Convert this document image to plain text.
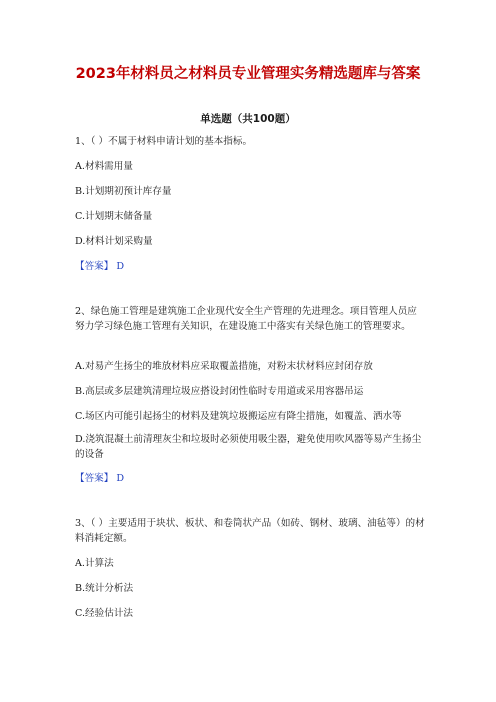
2023年材料员之材料员专业管理实务精选题库与答案
单选题（共100题）
1、（ ）不属于材料申请计划的基本指标。
A.材料需用量
B.计划期初预计库存量
C.计划期末储备量
D.材料计划采购量
【答案】 D
2、绿色施工管理是建筑施工企业现代安全生产管理的先进理念。项目管理人员应努力学习绿色施工管理有关知识，在建设施工中落实有关绿色施工的管理要求。
A.对易产生扬尘的堆放材料应采取覆盖措施，对粉末状材料应封闭存放
B.高层或多层建筑清理垃圾应搭设封闭性临时专用道或采用容器吊运
C.场区内可能引起扬尘的材料及建筑垃圾搬运应有降尘措施，如覆盖、洒水等
D.浇筑混凝土前清理灰尘和垃圾时必须使用吸尘器，避免使用吹风器等易产生扬尘的设备
【答案】 D
3、（ ）主要适用于块状、板状、和卷筒状产品（如砖、钢材、玻璃、油毡等）的材料消耗定额。
A.计算法
B.统计分析法
C.经验估计法
